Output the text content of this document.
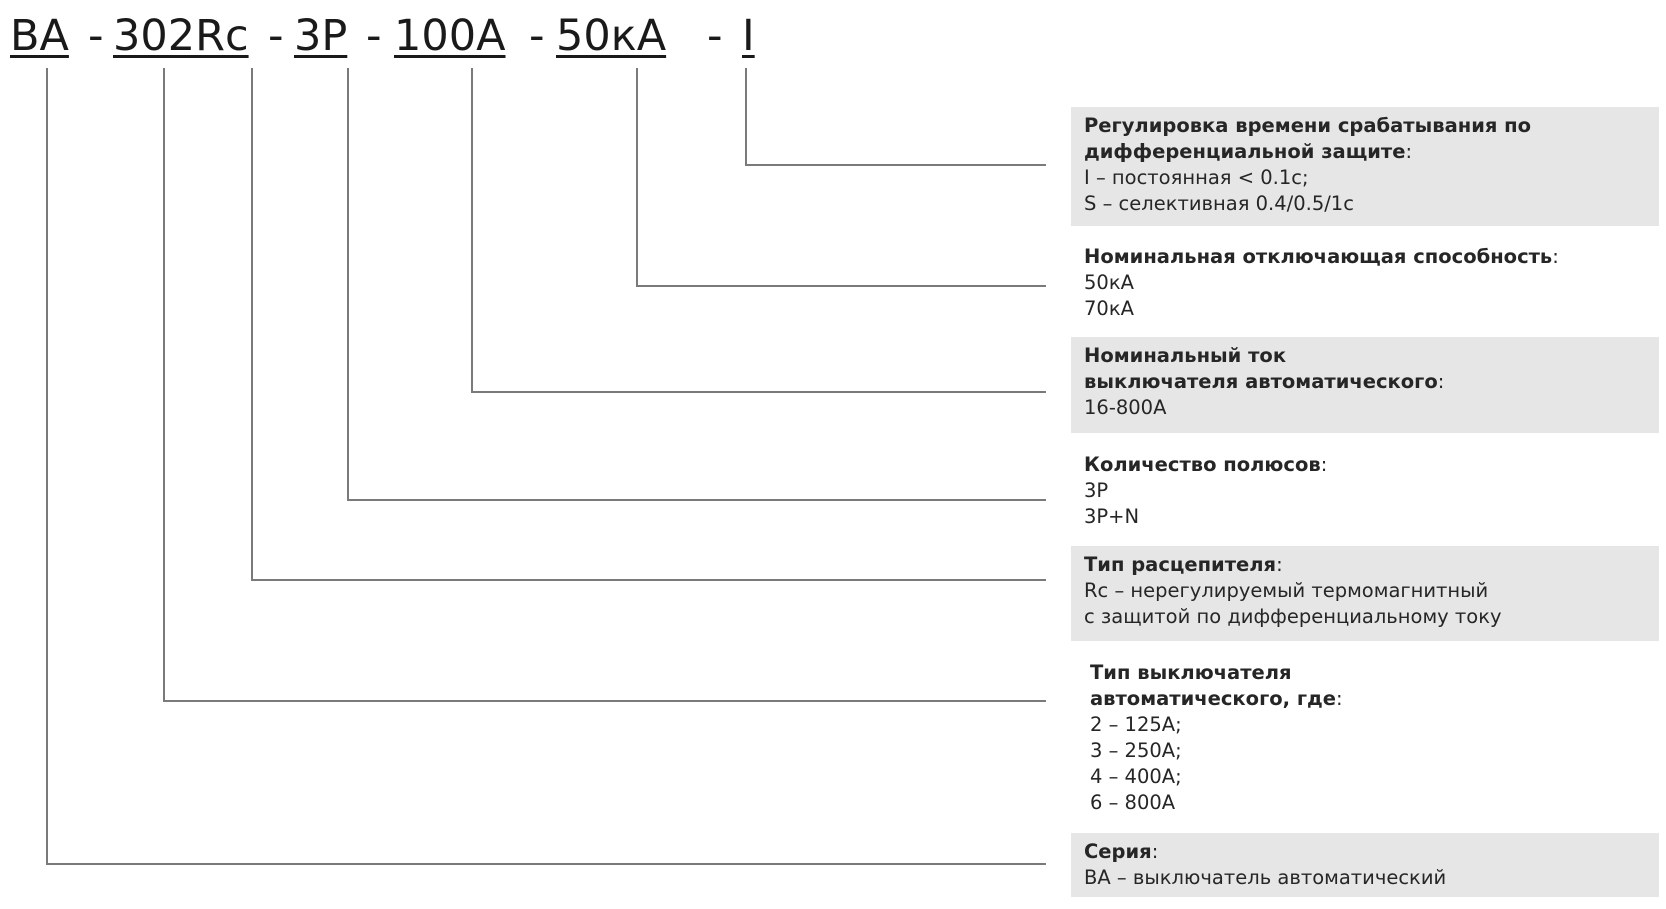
ВА - 302Rc - 3Р - 100А - 50кА - I
Регулировка времени срабатывания по дифференциальной защите:
I – постоянная < 0.1с;
S – селективная 0.4/0.5/1с
Номинальная отключающая способность:
50кА
70кА
Номинальный ток
выключателя автоматического:
16-800А
Количество полюсов:
3P
3P+N
Тип расцепителя:
Rc – нерегулируемый термомагнитный
с защитой по дифференциальному току
Тип выключателя
автоматического, где:
2 – 125А;
3 – 250А;
4 – 400А;
6 – 800А
Серия:
ВА – выключатель автоматический
